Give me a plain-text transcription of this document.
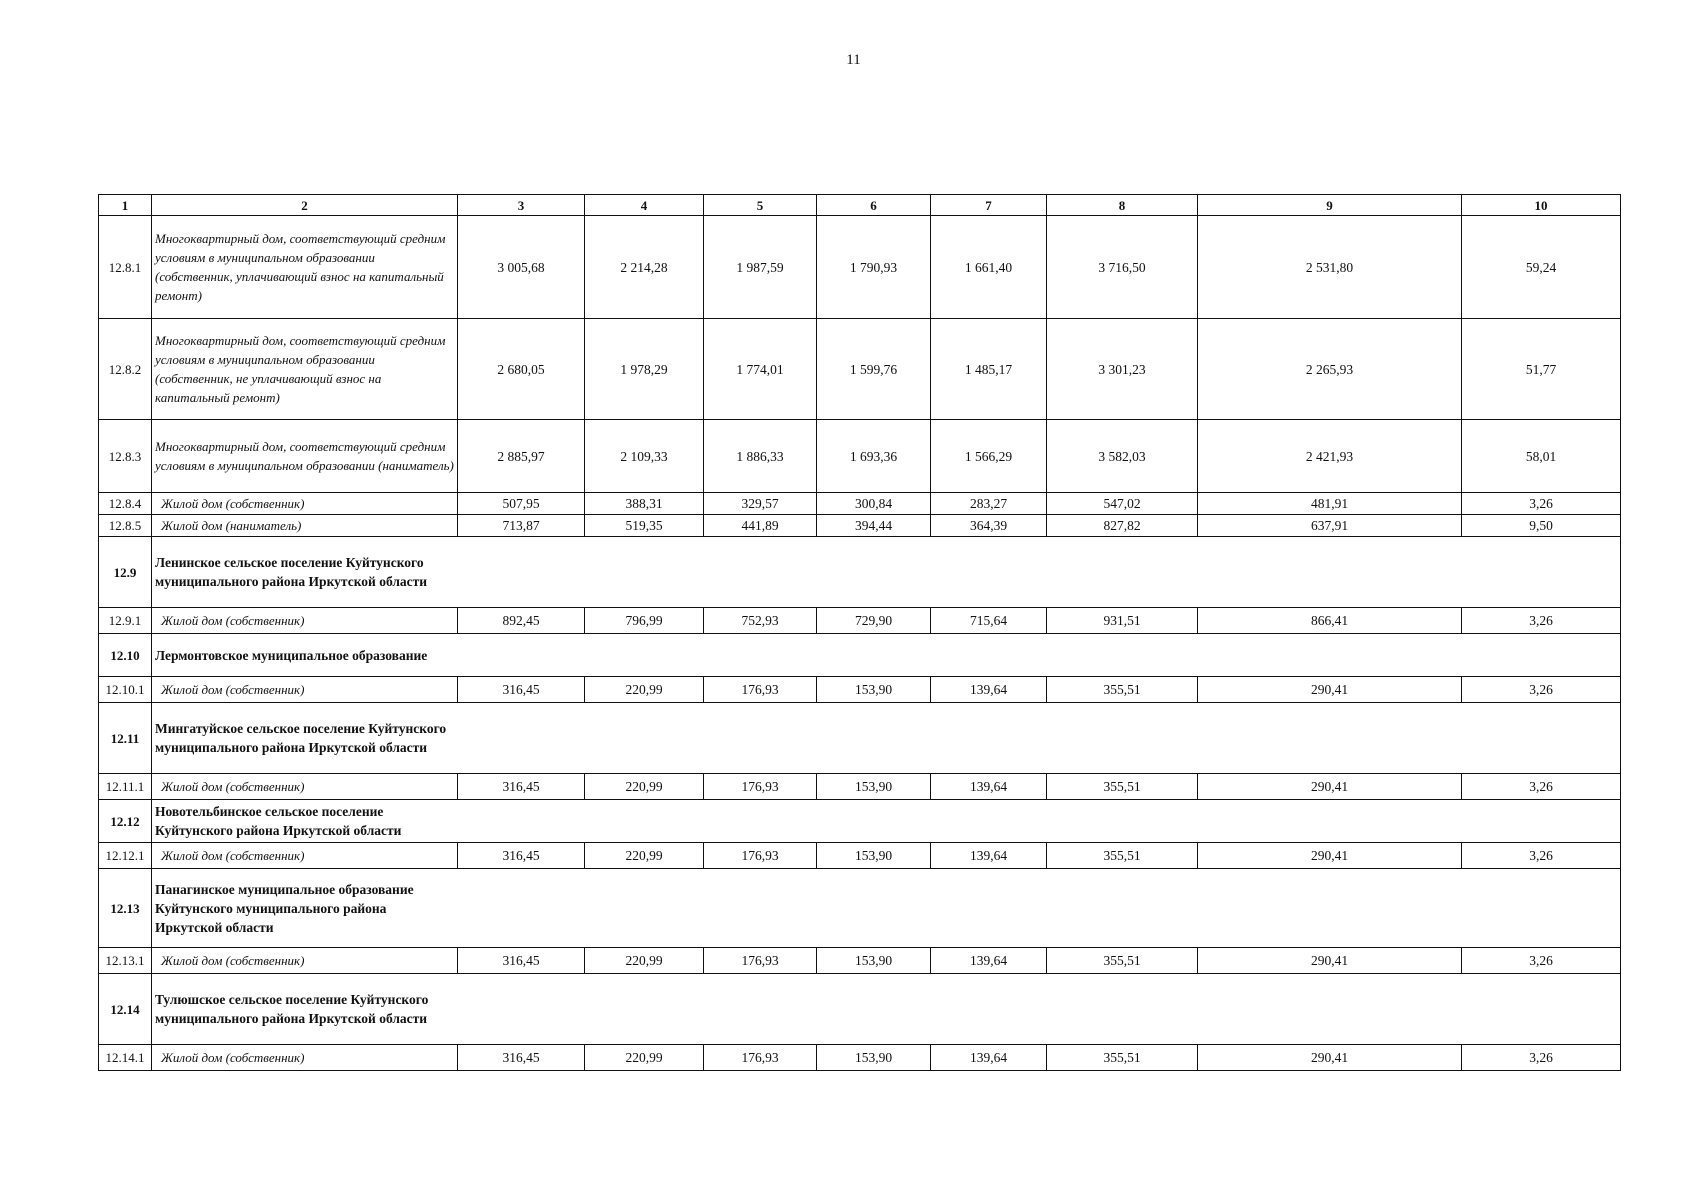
11
1	2	3	4	5	6	7	8	9	10
12.8.1	Многоквартирный дом, соответствующий средним условиям в муниципальном образовании (собственник, уплачивающий взнос на капитальный ремонт)	3 005,68	2 214,28	1 987,59	1 790,93	1 661,40	3 716,50	2 531,80	59,24
12.8.2	Многоквартирный дом, соответствующий средним условиям в муниципальном образовании (собственник, не уплачивающий взнос на капитальный ремонт)	2 680,05	1 978,29	1 774,01	1 599,76	1 485,17	3 301,23	2 265,93	51,77
12.8.3	Многоквартирный дом, соответствующий средним условиям в муниципальном образовании (наниматель)	2 885,97	2 109,33	1 886,33	1 693,36	1 566,29	3 582,03	2 421,93	58,01
12.8.4	Жилой дом (собственник)	507,95	388,31	329,57	300,84	283,27	547,02	481,91	3,26
12.8.5	Жилой дом (наниматель)	713,87	519,35	441,89	394,44	364,39	827,82	637,91	9,50
12.9	Ленинское сельское поселение Куйтунского муниципального района Иркутской области								
12.9.1	Жилой дом (собственник)	892,45	796,99	752,93	729,90	715,64	931,51	866,41	3,26
12.10	Лермонтовское муниципальное образование								
12.10.1	Жилой дом (собственник)	316,45	220,99	176,93	153,90	139,64	355,51	290,41	3,26
12.11	Мингатуйское сельское поселение Куйтунского муниципального района Иркутской области								
12.11.1	Жилой дом (собственник)	316,45	220,99	176,93	153,90	139,64	355,51	290,41	3,26
12.12	Новотельбинское сельское поселение Куйтунского района Иркутской области								
12.12.1	Жилой дом (собственник)	316,45	220,99	176,93	153,90	139,64	355,51	290,41	3,26
12.13	Панагинское муниципальное образование Куйтунского муниципального района Иркутской области								
12.13.1	Жилой дом (собственник)	316,45	220,99	176,93	153,90	139,64	355,51	290,41	3,26
12.14	Тулюшское сельское поселение Куйтунского муниципального района Иркутской области								
12.14.1	Жилой дом (собственник)	316,45	220,99	176,93	153,90	139,64	355,51	290,41	3,26
